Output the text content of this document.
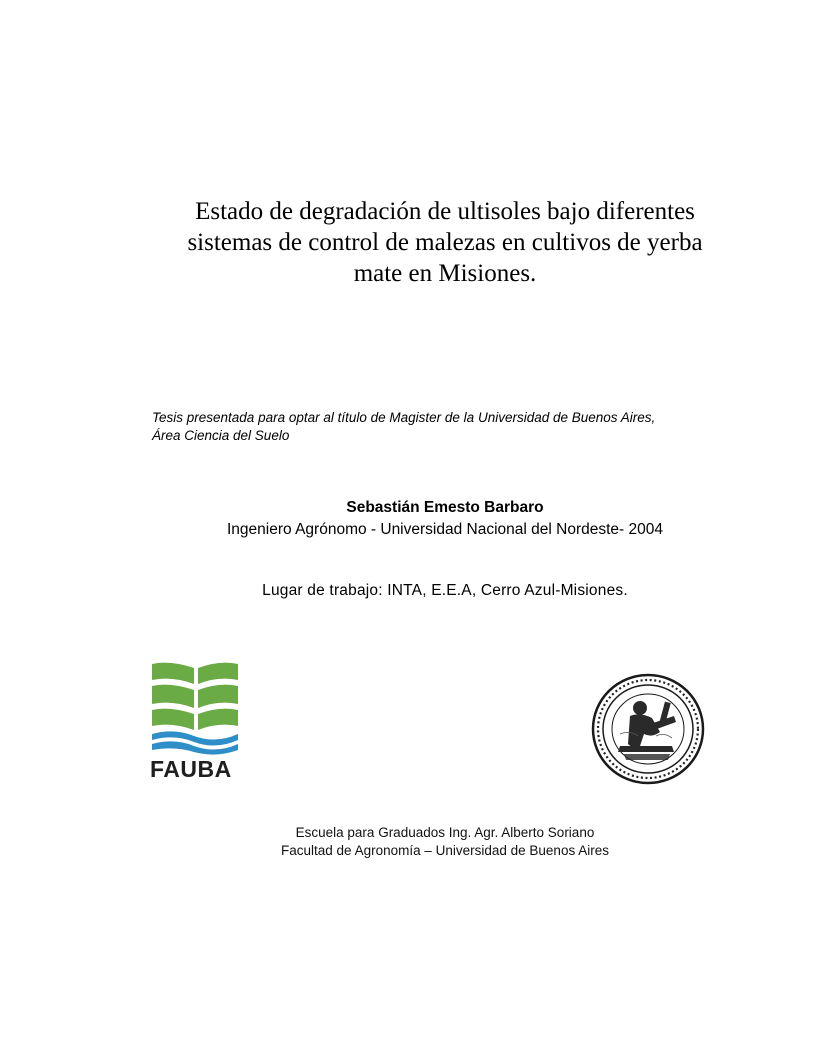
Estado de degradación de ultisoles bajo diferentes
sistemas de control de malezas en cultivos de yerba
mate en Misiones.
Tesis presentada para optar al título de Magister de la Universidad de Buenos Aires,
Área Ciencia del Suelo
Sebastián Emesto Barbaro
Ingeniero Agrónomo - Universidad Nacional del Nordeste- 2004
Lugar de trabajo: INTA, E.E.A, Cerro Azul-Misiones.
FAUBA
Escuela para Graduados Ing. Agr. Alberto Soriano
Facultad de Agronomía – Universidad de Buenos Aires
